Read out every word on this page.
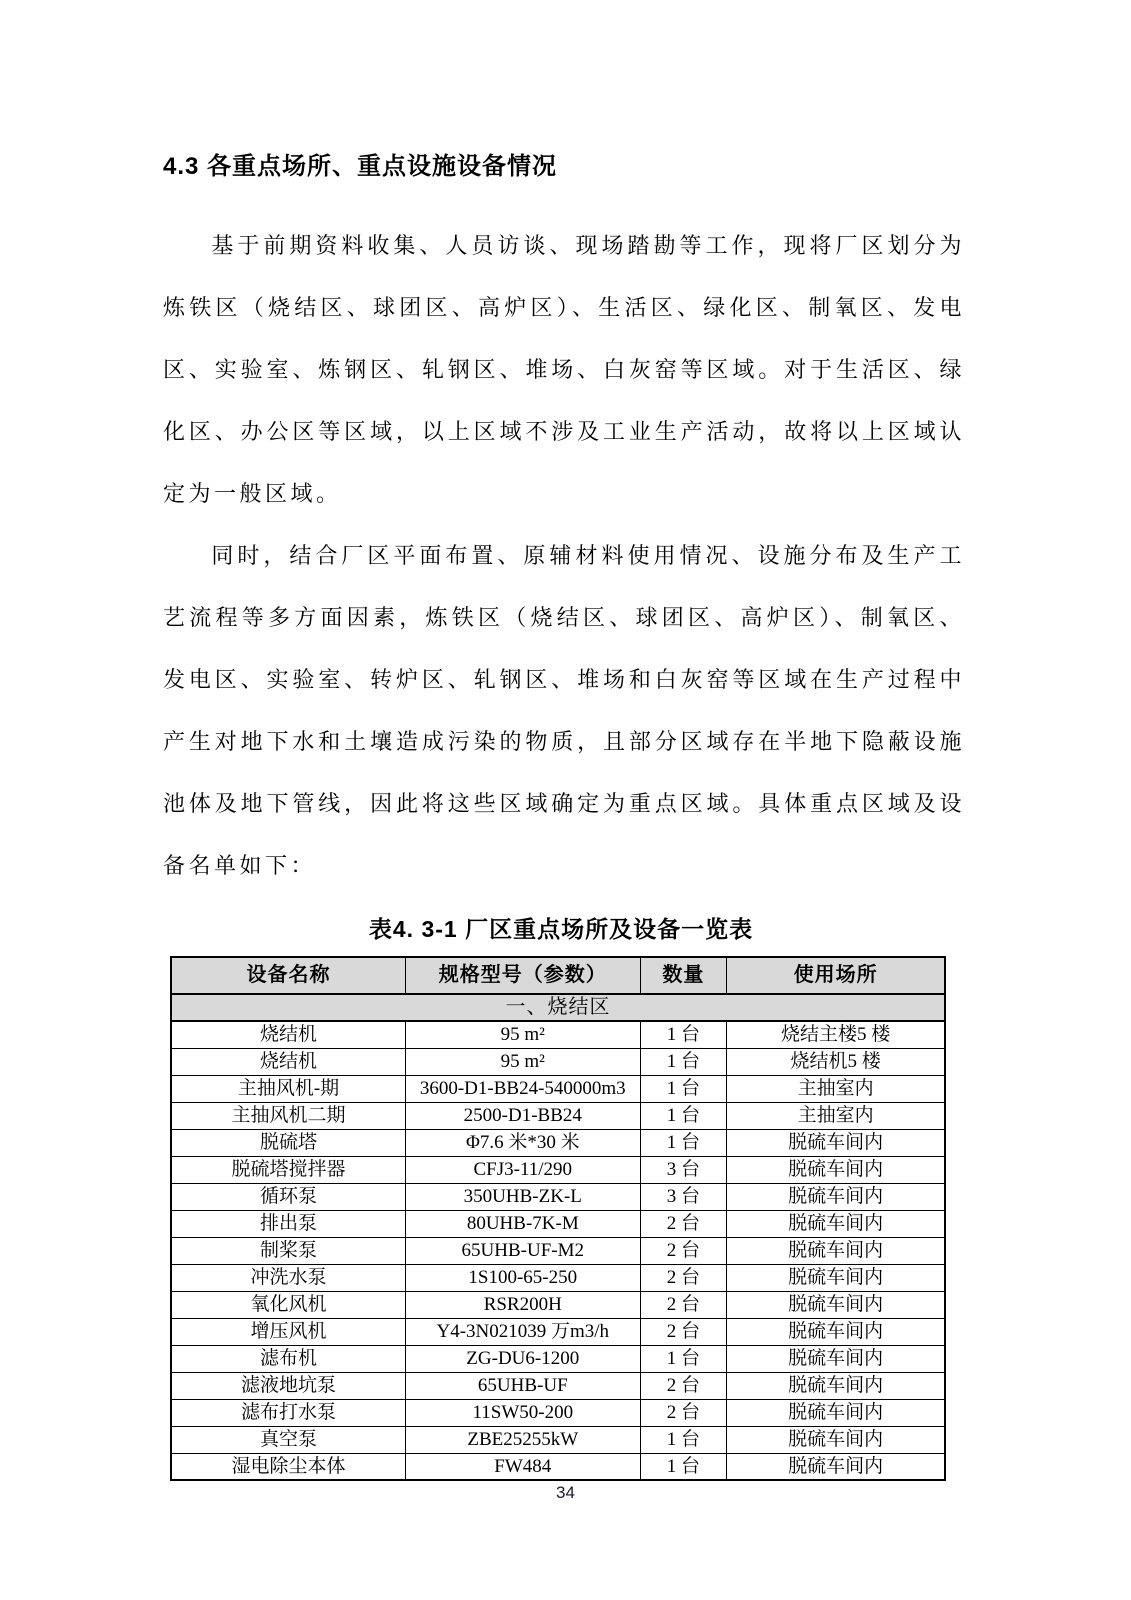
4.3 各重点场所、重点设施设备情况

基于前期资料收集、人员访谈、现场踏勘等工作，现将厂区划分为炼铁区（烧结区、球团区、高炉区）、生活区、绿化区、制氧区、发电区、实验室、炼钢区、轧钢区、堆场、白灰窑等区域。对于生活区、绿化区、办公区等区域，以上区域不涉及工业生产活动，故将以上区域认定为一般区域。

同时，结合厂区平面布置、原辅材料使用情况、设施分布及生产工艺流程等多方面因素，炼铁区（烧结区、球团区、高炉区）、制氧区、发电区、实验室、转炉区、轧钢区、堆场和白灰窑等区域在生产过程中产生对地下水和土壤造成污染的物质，且部分区域存在半地下隐蔽设施池体及地下管线，因此将这些区域确定为重点区域。具体重点区域及设备名单如下：

表4. 3-1 厂区重点场所及设备一览表
设备名称	规格型号（参数）	数量	使用场所
一、烧结区			
烧结机	95 m²	1 台	烧结主楼5 楼
烧结机	95 m²	1 台	烧结机5 楼
主抽风机-期	3600-D1-BB24-540000m3	1 台	主抽室内
主抽风机二期	2500-D1-BB24	1 台	主抽室内
脱硫塔	Φ7.6 米*30 米	1 台	脱硫车间内
脱硫塔搅拌器	CFJ3-11/290	3 台	脱硫车间内
循环泵	350UHB-ZK-L	3 台	脱硫车间内
排出泵	80UHB-7K-M	2 台	脱硫车间内
制桨泵	65UHB-UF-M2	2 台	脱硫车间内
冲洗水泵	1S100-65-250	2 台	脱硫车间内
氧化风机	RSR200H	2 台	脱硫车间内
增压风机	Y4-3N021039 万m3/h	2 台	脱硫车间内
滤布机	ZG-DU6-1200	1 台	脱硫车间内
滤液地坑泵	65UHB-UF	2 台	脱硫车间内
滤布打水泵	11SW50-200	2 台	脱硫车间内
真空泵	ZBE25255kW	1 台	脱硫车间内
湿电除尘本体	FW484	1 台	脱硫车间内
34
